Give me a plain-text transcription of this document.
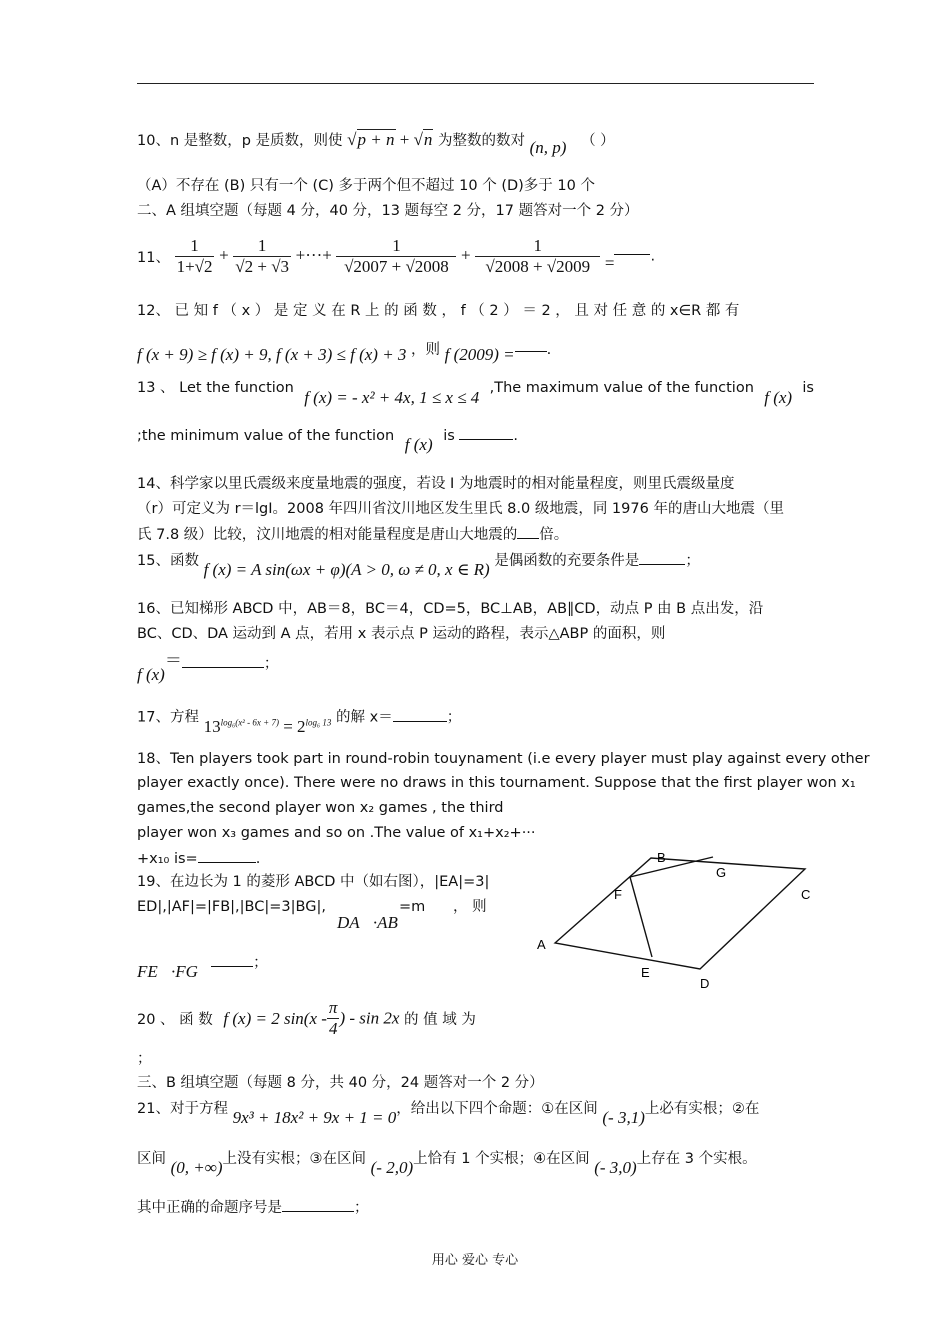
10、n 是整数，p 是质数，则使 √p + n + √n 为整数的数对 (n, p) （ ）
（A）不存在 (B) 只有一个 (C) 多于两个但不超过 10 个 (D)多于 10 个
二、A 组填空题（每题 4 分，40 分，13 题每空 2 分，17 题答对一个 2 分）
11、 $\frac{1}{1+√2} + \frac{1}{√2 + √3}$ +···+ $\frac{1}{√2007 + √2008} + \frac{1}{√2008 + √2009}$ = .
12、 已 知 f （ x ） 是 定 义 在 R 上 的 函 数 ， f （ 2 ） ＝ 2 ， 且 对 任 意 的 x∈R 都 有
f (x + 9) ≥ f (x) + 9, f (x + 3) ≤ f (x) + 3 ，则 f (2009) = .
13 、 Let the function f (x) = - x² + 4x, 1 ≤ x ≤ 4 ,The maximum value of the function f (x) is
;the minimum value of the function f (x) is	.
14、科学家以里氏震级来度量地震的强度，若设 I 为地震时的相对能量程度，则里氏震级量度
（r）可定义为 r＝lgI。2008 年四川省汶川地区发生里氏 8.0 级地震，同 1976 年的唐山大地震（里
氏 7.8 级）比较，汶川地震的相对能量程度是唐山大地震的 倍。
15、函数 f (x) = A sin(ωx + φ)(A > 0, ω ≠ 0, x ∈ R) 是偶函数的充要条件是	；
16、已知梯形 ABCD 中，AB＝8，BC＝4，CD=5，BC⊥AB，AB∥CD，动点 P 由 B 点出发，沿
BC、CD、DA 运动到 A 点，若用 x 表示点 P 运动的路程，表示△ABP 的面积，则
f (x)＝	；
17、方程 $13^{log_6(x^2 - 6x + 7)} = 2^{log_6 13}$ 的解 x＝	；
18、Ten players took part in round-robin touynament (i.e every player must play against every other
player exactly once). There were no draws in this tournament. Suppose that the first player won x₁
games,the second player won x₂ games , the third
player won x₃ games and so on .The value of x₁+x₂+···
+x₁₀ is=	.
19、在边长为 1 的菱形 ABCD 中（如右图），|EA|=3|
ED|,|AF|=|FB|,|BC|=3|BG|,
DA⃗·AB⃗
=m ， 则
FE⃗·FG⃗	；
A
B
C
D
E
F
G
20 、 函 数 f (x) = 2 $\sin(x - \frac{\pi}{4}$ ) - sin 2x 的 值 域 为
；
三、B 组填空题（每题 8 分，共 40 分，24 题答对一个 2 分）
21、对于方程 9x³ + 18x² + 9x + 1 = 0，给出以下四个命题：①在区间 (- 3,1)上必有实根；②在
区间 (0, +∞)上没有实根；③在区间 (- 2,0)上恰有 1 个实根；④在区间 (- 3,0)上存在 3 个实根。
其中正确的命题序号是	；
用心 爱心 专心
